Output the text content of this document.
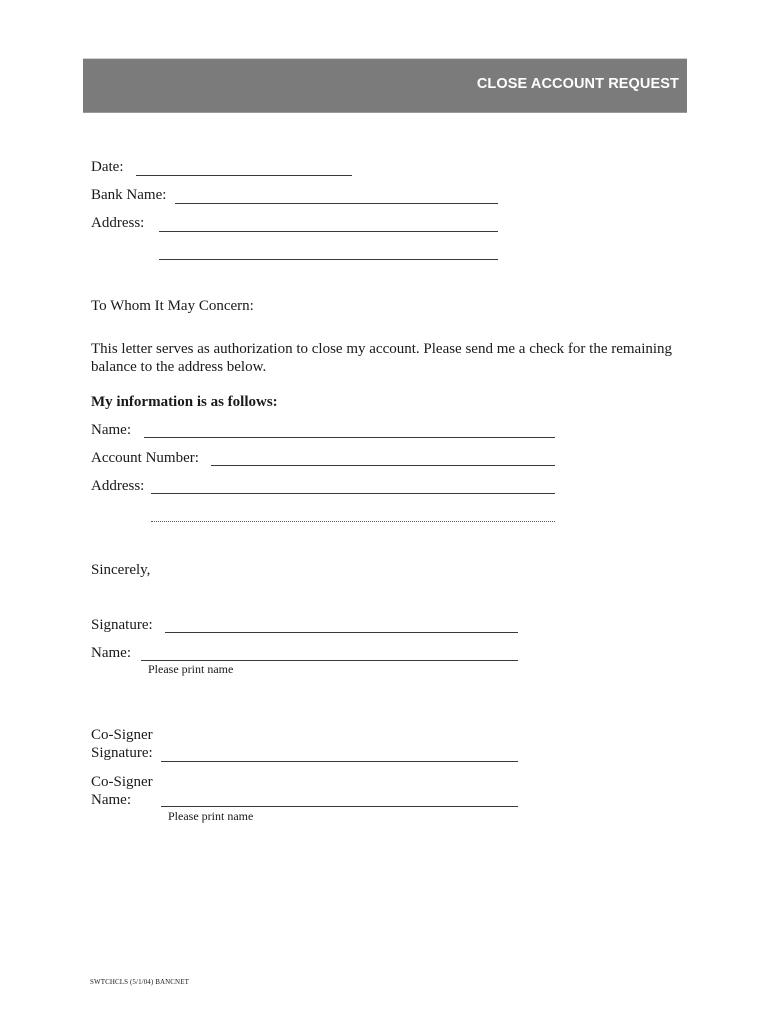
CLOSE ACCOUNT REQUEST
Date:
Bank Name:
Address:
To Whom It May Concern:
This letter serves as authorization to close my account. Please send me a check for the remaining
balance to the address below.
My information is as follows:
Name:
Account Number:
Address:
Sincerely,
Signature:
Name:
Please print name
Co-Signer
Signature:
Co-Signer
Name:
Please print name
SWTCHCLS (5/1/04) BANCNET
